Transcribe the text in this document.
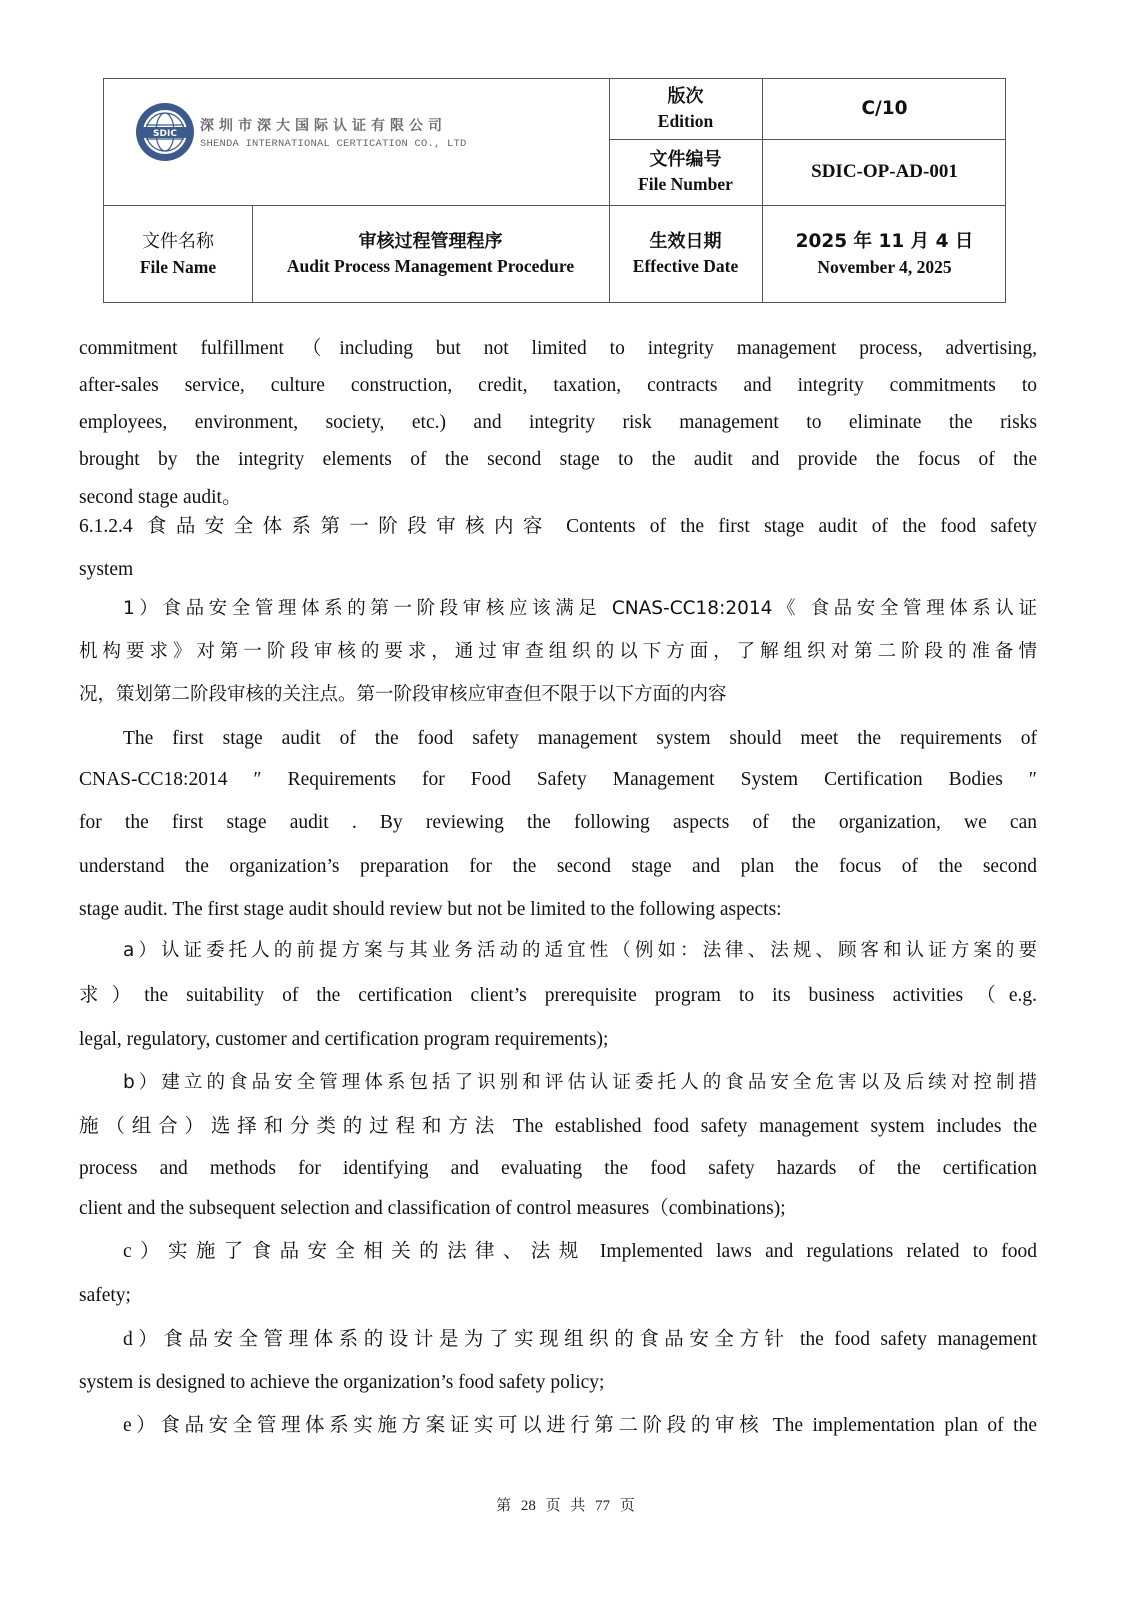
SDIC
深圳市深大国际认证有限公司
SHENDA INTERNATIONAL CERTICATION CO., LTD
版次
Edition
C/10
文件编号
File Number
SDIC-OP-AD-001
文件名称
File Name
审核过程管理程序
Audit Process Management Procedure
生效日期
Effective Date
2025 年 11 月 4 日
November 4, 2025
commitment fulfillment（including but not limited to integrity management process, advertising,
after-sales service, culture construction, credit, taxation, contracts and integrity commitments to
employees, environment, society, etc.) and integrity risk management to eliminate the risks
brought by the integrity elements of the second stage to the audit and provide the focus of the
second stage audit。
6.1.2.4 食品安全体系第一阶段审核内容 Contents of the first stage audit of the food safety
system
1）食品安全管理体系的第一阶段审核应该满足 CNAS-CC18:2014《 食品安全管理体系认证
机构要求》对第一阶段审核的要求，通过审查组织的以下方面，了解组织对第二阶段的准备情
况，策划第二阶段审核的关注点。第一阶段审核应审查但不限于以下方面的内容
The first stage audit of the food safety management system should meet the requirements of
CNAS-CC18:2014 ″ Requirements for Food Safety Management System Certification Bodies ″
for the first stage audit . By reviewing the following aspects of the organization, we can
understand the organization’s preparation for the second stage and plan the focus of the second
stage audit. The first stage audit should review but not be limited to the following aspects:
a）认证委托人的前提方案与其业务活动的适宜性（例如：法律、法规、顾客和认证方案的要
求）the suitability of the certification client’s prerequisite program to its business activities（e.g.
legal, regulatory, customer and certification program requirements);
b）建立的食品安全管理体系包括了识别和评估认证委托人的食品安全危害以及后续对控制措
施（组合）选择和分类的过程和方法 The established food safety management system includes the
process and methods for identifying and evaluating the food safety hazards of the certification
client and the subsequent selection and classification of control measures（combinations);
c）实施了食品安全相关的法律、法规 Implemented laws and regulations related to food
safety;
d）食品安全管理体系的设计是为了实现组织的食品安全方针 the food safety management
system is designed to achieve the organization’s food safety policy;
e）食品安全管理体系实施方案证实可以进行第二阶段的审核 The implementation plan of the
第 28 页 共 77 页
